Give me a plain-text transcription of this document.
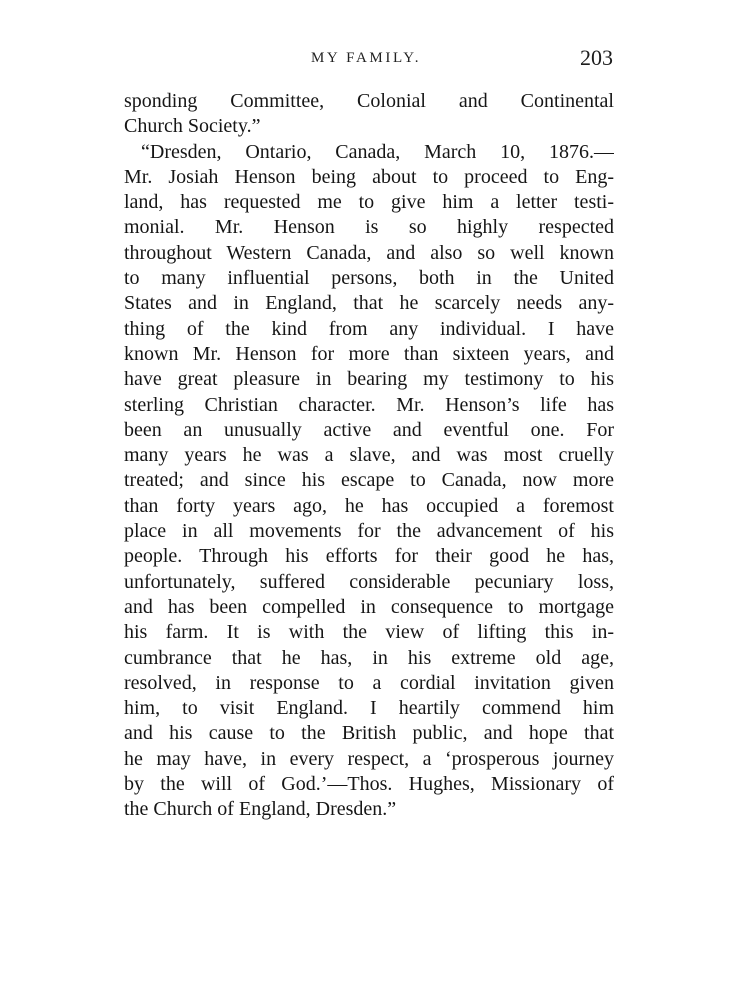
MY FAMILY.	203
sponding Committee, Colonial and Continental
Church Society.”
“Dresden, Ontario, Canada, March 10, 1876.—
Mr. Josiah Henson being about to proceed to Eng-
land, has requested me to give him a letter testi-
monial. Mr. Henson is so highly respected
throughout Western Canada, and also so well known
to many influential persons, both in the United
States and in England, that he scarcely needs any-
thing of the kind from any individual. I have
known Mr. Henson for more than sixteen years, and
have great pleasure in bearing my testimony to his
sterling Christian character. Mr. Henson’s life has
been an unusually active and eventful one. For
many years he was a slave, and was most cruelly
treated; and since his escape to Canada, now more
than forty years ago, he has occupied a foremost
place in all movements for the advancement of his
people. Through his efforts for their good he has,
unfortunately, suffered considerable pecuniary loss,
and has been compelled in consequence to mortgage
his farm. It is with the view of lifting this in-
cumbrance that he has, in his extreme old age,
resolved, in response to a cordial invitation given
him, to visit England. I heartily commend him
and his cause to the British public, and hope that
he may have, in every respect, a ‘prosperous journey
by the will of God.’—Thos. Hughes, Missionary of
the Church of England, Dresden.”
